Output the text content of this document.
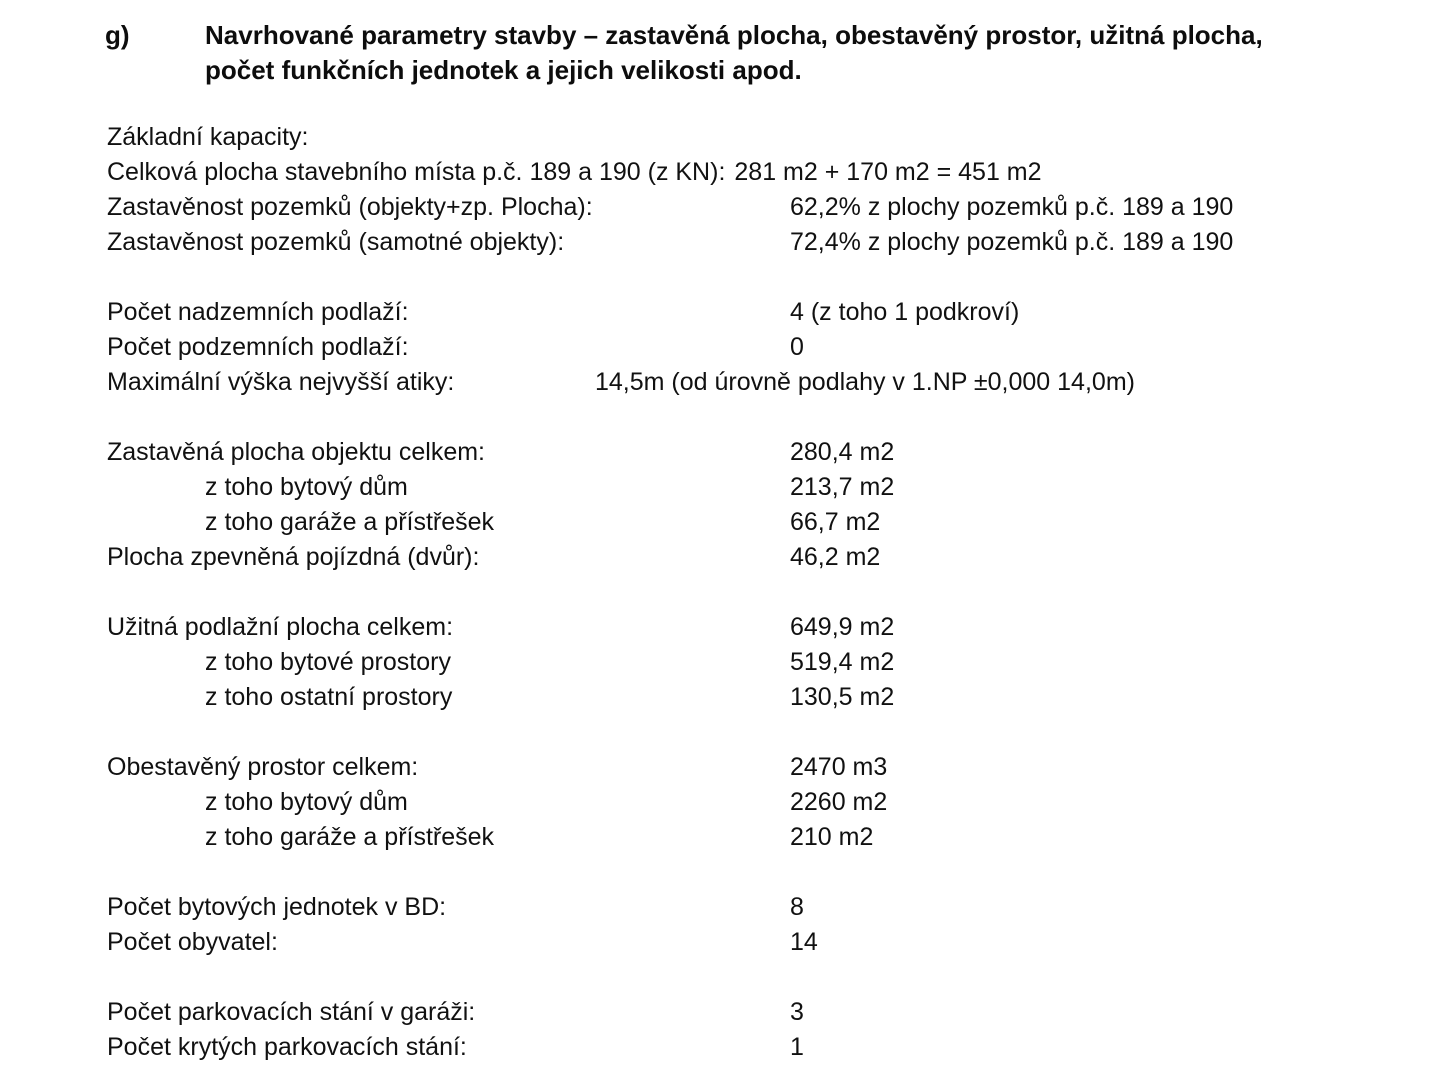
g)	Navrhované parametry stavby – zastavěná plocha, obestavěný prostor, užitná plocha, počet funkčních jednotek a jejich velikosti apod.
Základní kapacity:
Celková plocha stavebního místa p.č. 189 a 190 (z KN): 281 m2 + 170 m2 = 451 m2
Zastavěnost pozemků (objekty+zp. Plocha):	62,2% z plochy pozemků p.č. 189 a 190
Zastavěnost pozemků (samotné objekty):	72,4% z plochy pozemků p.č. 189 a 190
Počet nadzemních podlaží:	4 (z toho 1 podkroví)
Počet podzemních podlaží:	0
Maximální výška nejvyšší atiky:	14,5m (od úrovně podlahy v 1.NP ±0,000 14,0m)
Zastavěná plocha objektu celkem:	280,4 m2
z toho bytový dům	213,7 m2
z toho garáže a přístřešek	66,7 m2
Plocha zpevněná pojízdná (dvůr):	46,2 m2
Užitná podlažní plocha celkem:	649,9 m2
z toho bytové prostory	519,4 m2
z toho ostatní prostory	130,5 m2
Obestavěný prostor celkem:	2470 m3
z toho bytový dům	2260 m2
z toho garáže a přístřešek	210 m2
Počet bytových jednotek v BD:	8
Počet obyvatel:	14
Počet parkovacích stání v garáži:	3
Počet krytých parkovacích stání:	1
